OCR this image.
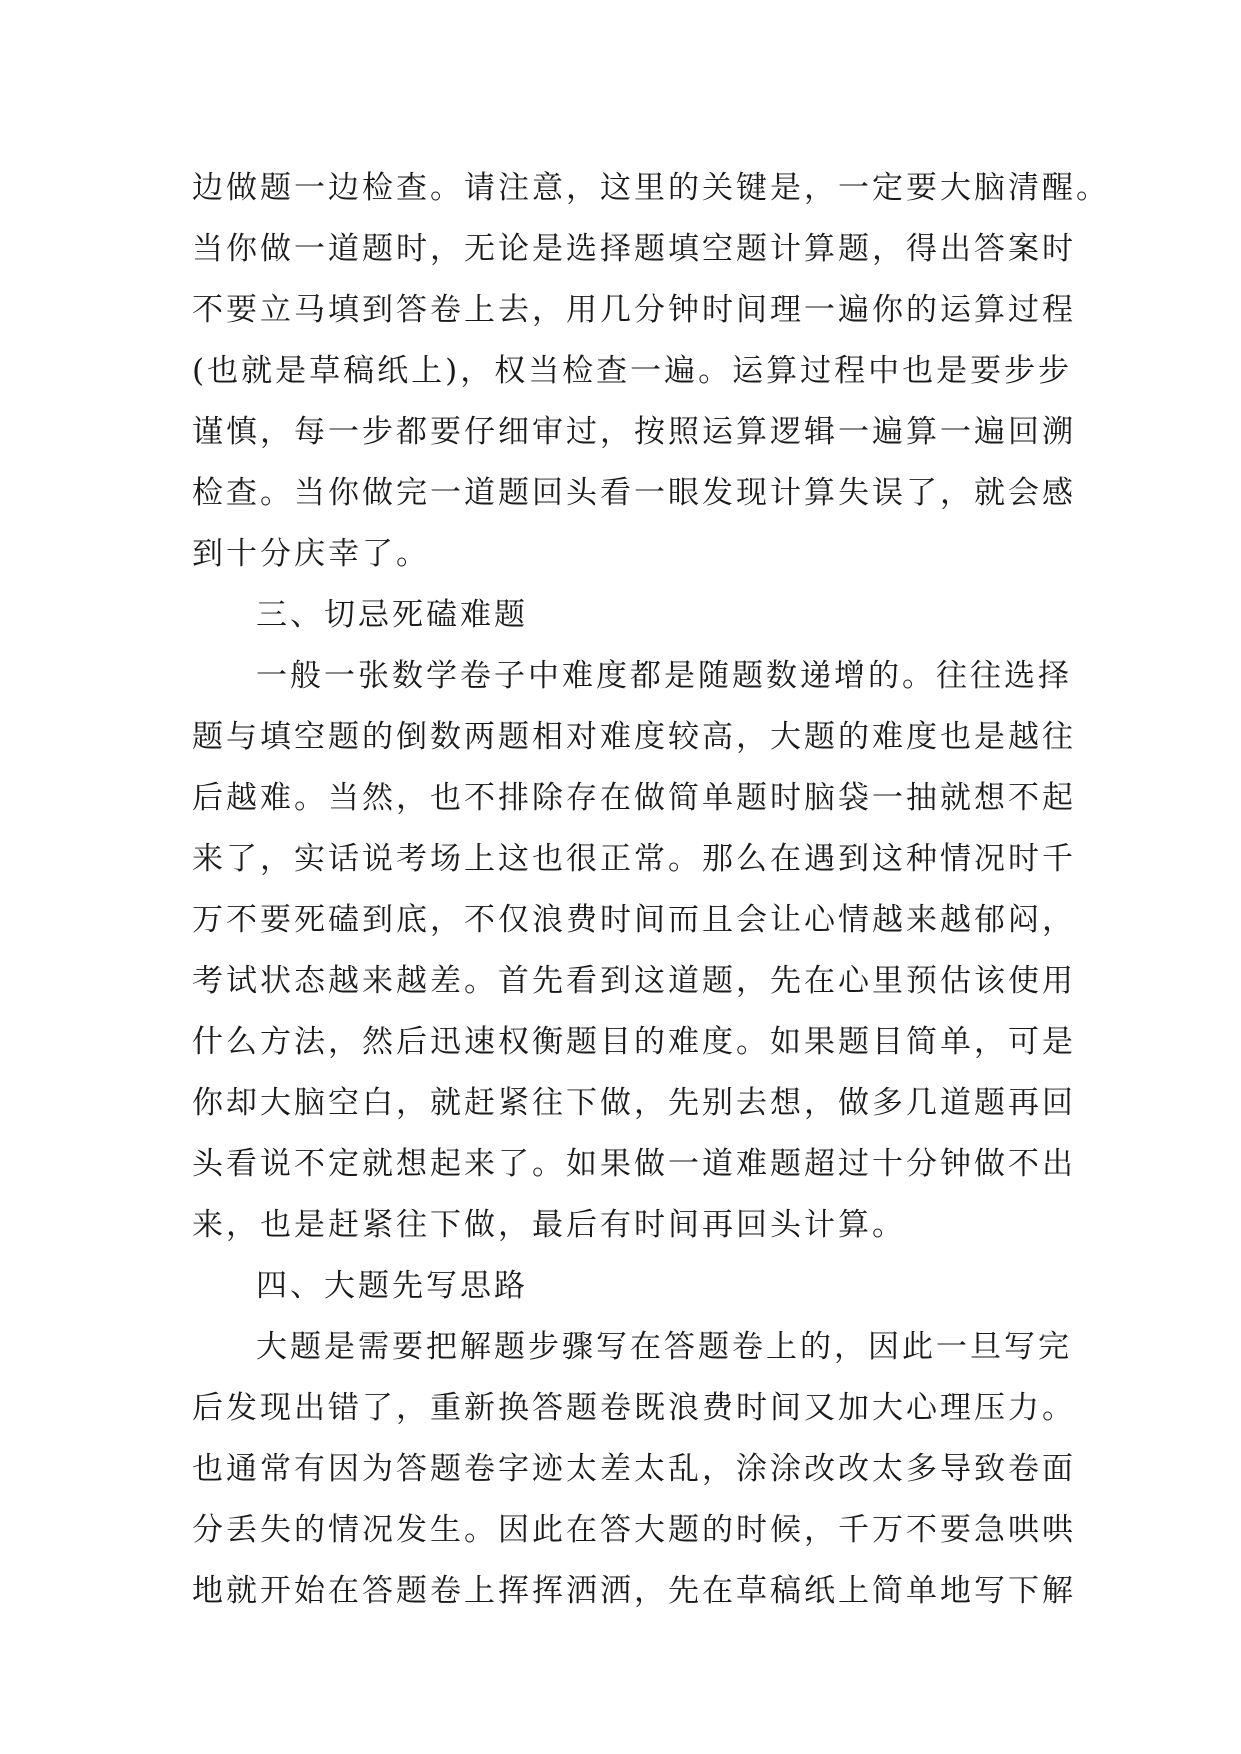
边做题一边检查。请注意，这里的关键是，一定要大脑清醒。
当你做一道题时，无论是选择题填空题计算题，得出答案时
不要立马填到答卷上去，用几分钟时间理一遍你的运算过程
(也就是草稿纸上)，权当检查一遍。运算过程中也是要步步
谨慎，每一步都要仔细审过，按照运算逻辑一遍算一遍回溯
检查。当你做完一道题回头看一眼发现计算失误了，就会感
到十分庆幸了。
三、切忌死磕难题
一般一张数学卷子中难度都是随题数递增的。往往选择
题与填空题的倒数两题相对难度较高，大题的难度也是越往
后越难。当然，也不排除存在做简单题时脑袋一抽就想不起
来了，实话说考场上这也很正常。那么在遇到这种情况时千
万不要死磕到底，不仅浪费时间而且会让心情越来越郁闷，
考试状态越来越差。首先看到这道题，先在心里预估该使用
什么方法，然后迅速权衡题目的难度。如果题目简单，可是
你却大脑空白，就赶紧往下做，先别去想，做多几道题再回
头看说不定就想起来了。如果做一道难题超过十分钟做不出
来，也是赶紧往下做，最后有时间再回头计算。
四、大题先写思路
大题是需要把解题步骤写在答题卷上的，因此一旦写完
后发现出错了，重新换答题卷既浪费时间又加大心理压力。
也通常有因为答题卷字迹太差太乱，涂涂改改太多导致卷面
分丢失的情况发生。因此在答大题的时候，千万不要急哄哄
地就开始在答题卷上挥挥洒洒，先在草稿纸上简单地写下解
